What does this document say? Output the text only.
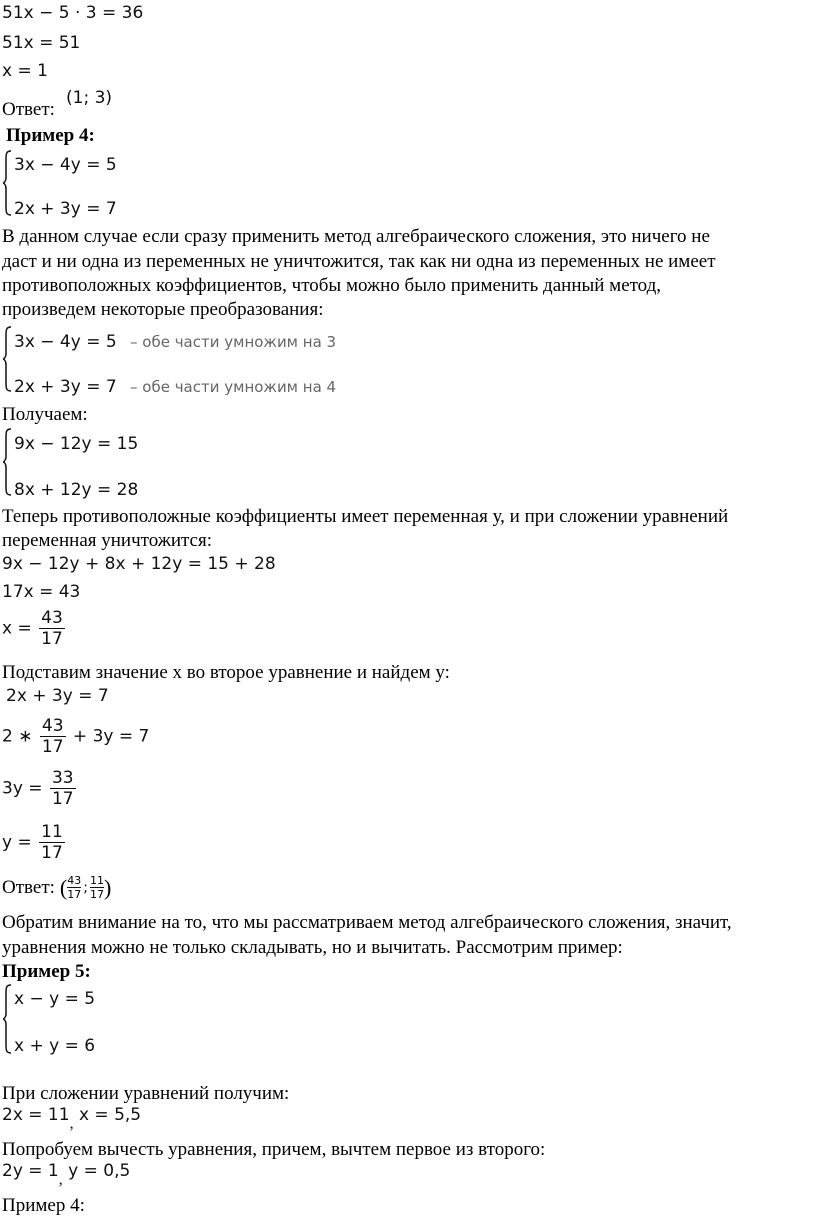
51x − 5 · 3 = 36
51x = 51
x = 1
Ответ:
(1; 3)
Пример 4:
3x − 4y = 5
2x + 3y = 7
В данном случае если сразу применить метод алгебраического сложения, это ничего не
даст и ни одна из переменных не уничтожится, так как ни одна из переменных не имеет
противоположных коэффициентов, чтобы можно было применить данный метод,
произведем некоторые преобразования:
3x − 4y = 5 – обе части умножим на 3
2x + 3y = 7 – обе части умножим на 4
Получаем:
9x − 12y = 15
8x + 12y = 28
Теперь противоположные коэффициенты имеет переменная у, и при сложении уравнений
переменная уничтожится:
9x − 12y + 8x + 12y = 15 + 28
17x = 43
$x = \frac{43}{17}$
Подставим значение х во второе уравнение и найдем у:
2x + 3y = 7
2 ∗ $\frac{43}{17} + 3y = 7$
$3y = \frac{33}{17}$
$y = \frac{11}{17}$
Ответ: ( 43
17 ; 11
17 )
Обратим внимание на то, что мы рассматриваем метод алгебраического сложения, значит,
уравнения можно не только складывать, но и вычитать. Рассмотрим пример:
Пример 5:
x − y = 5
x + y = 6
При сложении уравнений получим:
2x = 11, x = 5,5
Попробуем вычесть уравнения, причем, вычтем первое из второго:
2y = 1, y = 0,5
Пример 4:
